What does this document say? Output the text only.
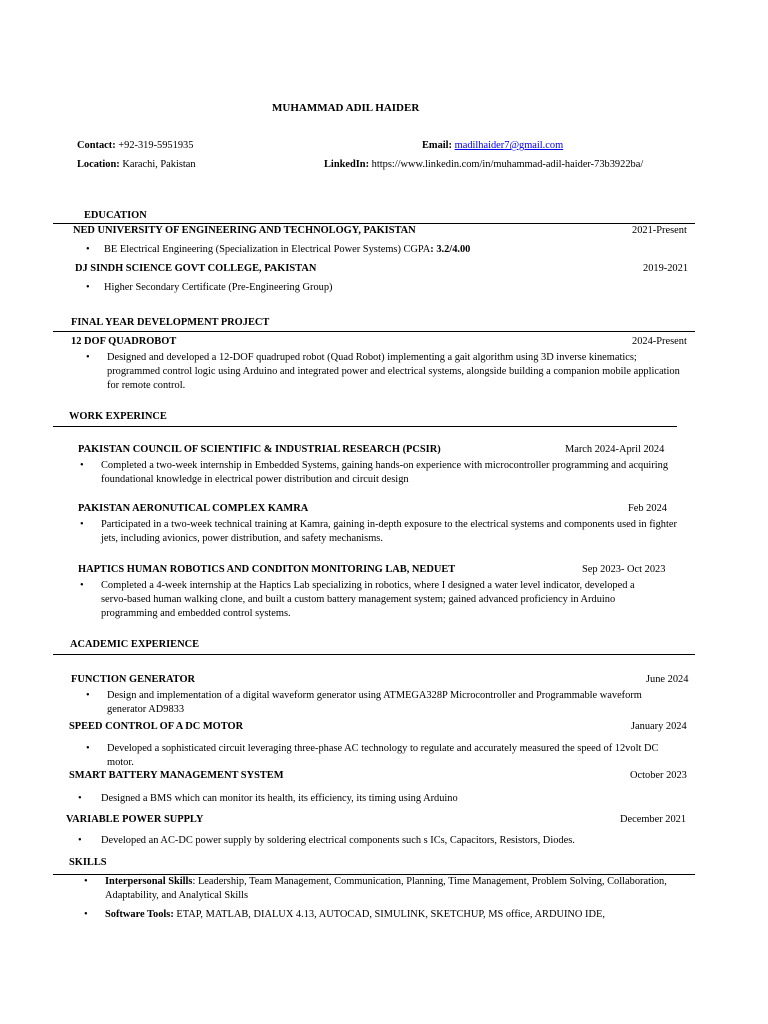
MUHAMMAD ADIL HAIDER
Contact: +92-319-5951935
Location: Karachi, Pakistan
Email: madilhaider7@gmail.com
LinkedIn: https://www.linkedin.com/in/muhammad-adil-haider-73b3922ba/
EDUCATION
NED UNIVERSITY OF ENGINEERING AND TECHNOLOGY, PAKISTAN	2021-Present
• BE Electrical Engineering (Specialization in Electrical Power Systems) CGPA: 3.2/4.00
DJ SINDH SCIENCE GOVT COLLEGE, PAKISTAN	2019-2021
• Higher Secondary Certificate (Pre-Engineering Group)
FINAL YEAR DEVELOPMENT PROJECT
12 DOF QUADROBOT	2024-Present
• Designed and developed a 12-DOF quadruped robot (Quad Robot) implementing a gait algorithm using 3D inverse kinematics; programmed control logic using Arduino and integrated power and electrical systems, alongside building a companion mobile application for remote control.
WORK EXPERINCE
PAKISTAN COUNCIL OF SCIENTIFIC & INDUSTRIAL RESEARCH (PCSIR)	March 2024-April 2024
• Completed a two-week internship in Embedded Systems, gaining hands-on experience with microcontroller programming and acquiring foundational knowledge in electrical power distribution and circuit design
PAKISTAN AERONUTICAL COMPLEX KAMRA	Feb 2024
• Participated in a two-week technical training at Kamra, gaining in-depth exposure to the electrical systems and components used in fighter jets, including avionics, power distribution, and safety mechanisms.
HAPTICS HUMAN ROBOTICS AND CONDITON MONITORING LAB, NEDUET	Sep 2023- Oct 2023
• Completed a 4-week internship at the Haptics Lab specializing in robotics, where I designed a water level indicator, developed a servo-based human walking clone, and built a custom battery management system; gained advanced proficiency in Arduino programming and embedded control systems.
ACADEMIC EXPERIENCE
FUNCTION GENERATOR	June 2024
• Design and implementation of a digital waveform generator using ATMEGA328P Microcontroller and Programmable waveform generator AD9833
SPEED CONTROL OF A DC MOTOR	January 2024
• Developed a sophisticated circuit leveraging three-phase AC technology to regulate and accurately measured the speed of 12volt DC motor.
SMART BATTERY MANAGEMENT SYSTEM	October 2023
• Designed a BMS which can monitor its health, its efficiency, its timing using Arduino
VARIABLE POWER SUPPLY	December 2021
• Developed an AC-DC power supply by soldering electrical components such s ICs, Capacitors, Resistors, Diodes.
SKILLS
• Interpersonal Skills: Leadership, Team Management, Communication, Planning, Time Management, Problem Solving, Collaboration, Adaptability, and Analytical Skills
• Software Tools: ETAP, MATLAB, DIALUX 4.13, AUTOCAD, SIMULINK, SKETCHUP, MS office, ARDUINO IDE,
